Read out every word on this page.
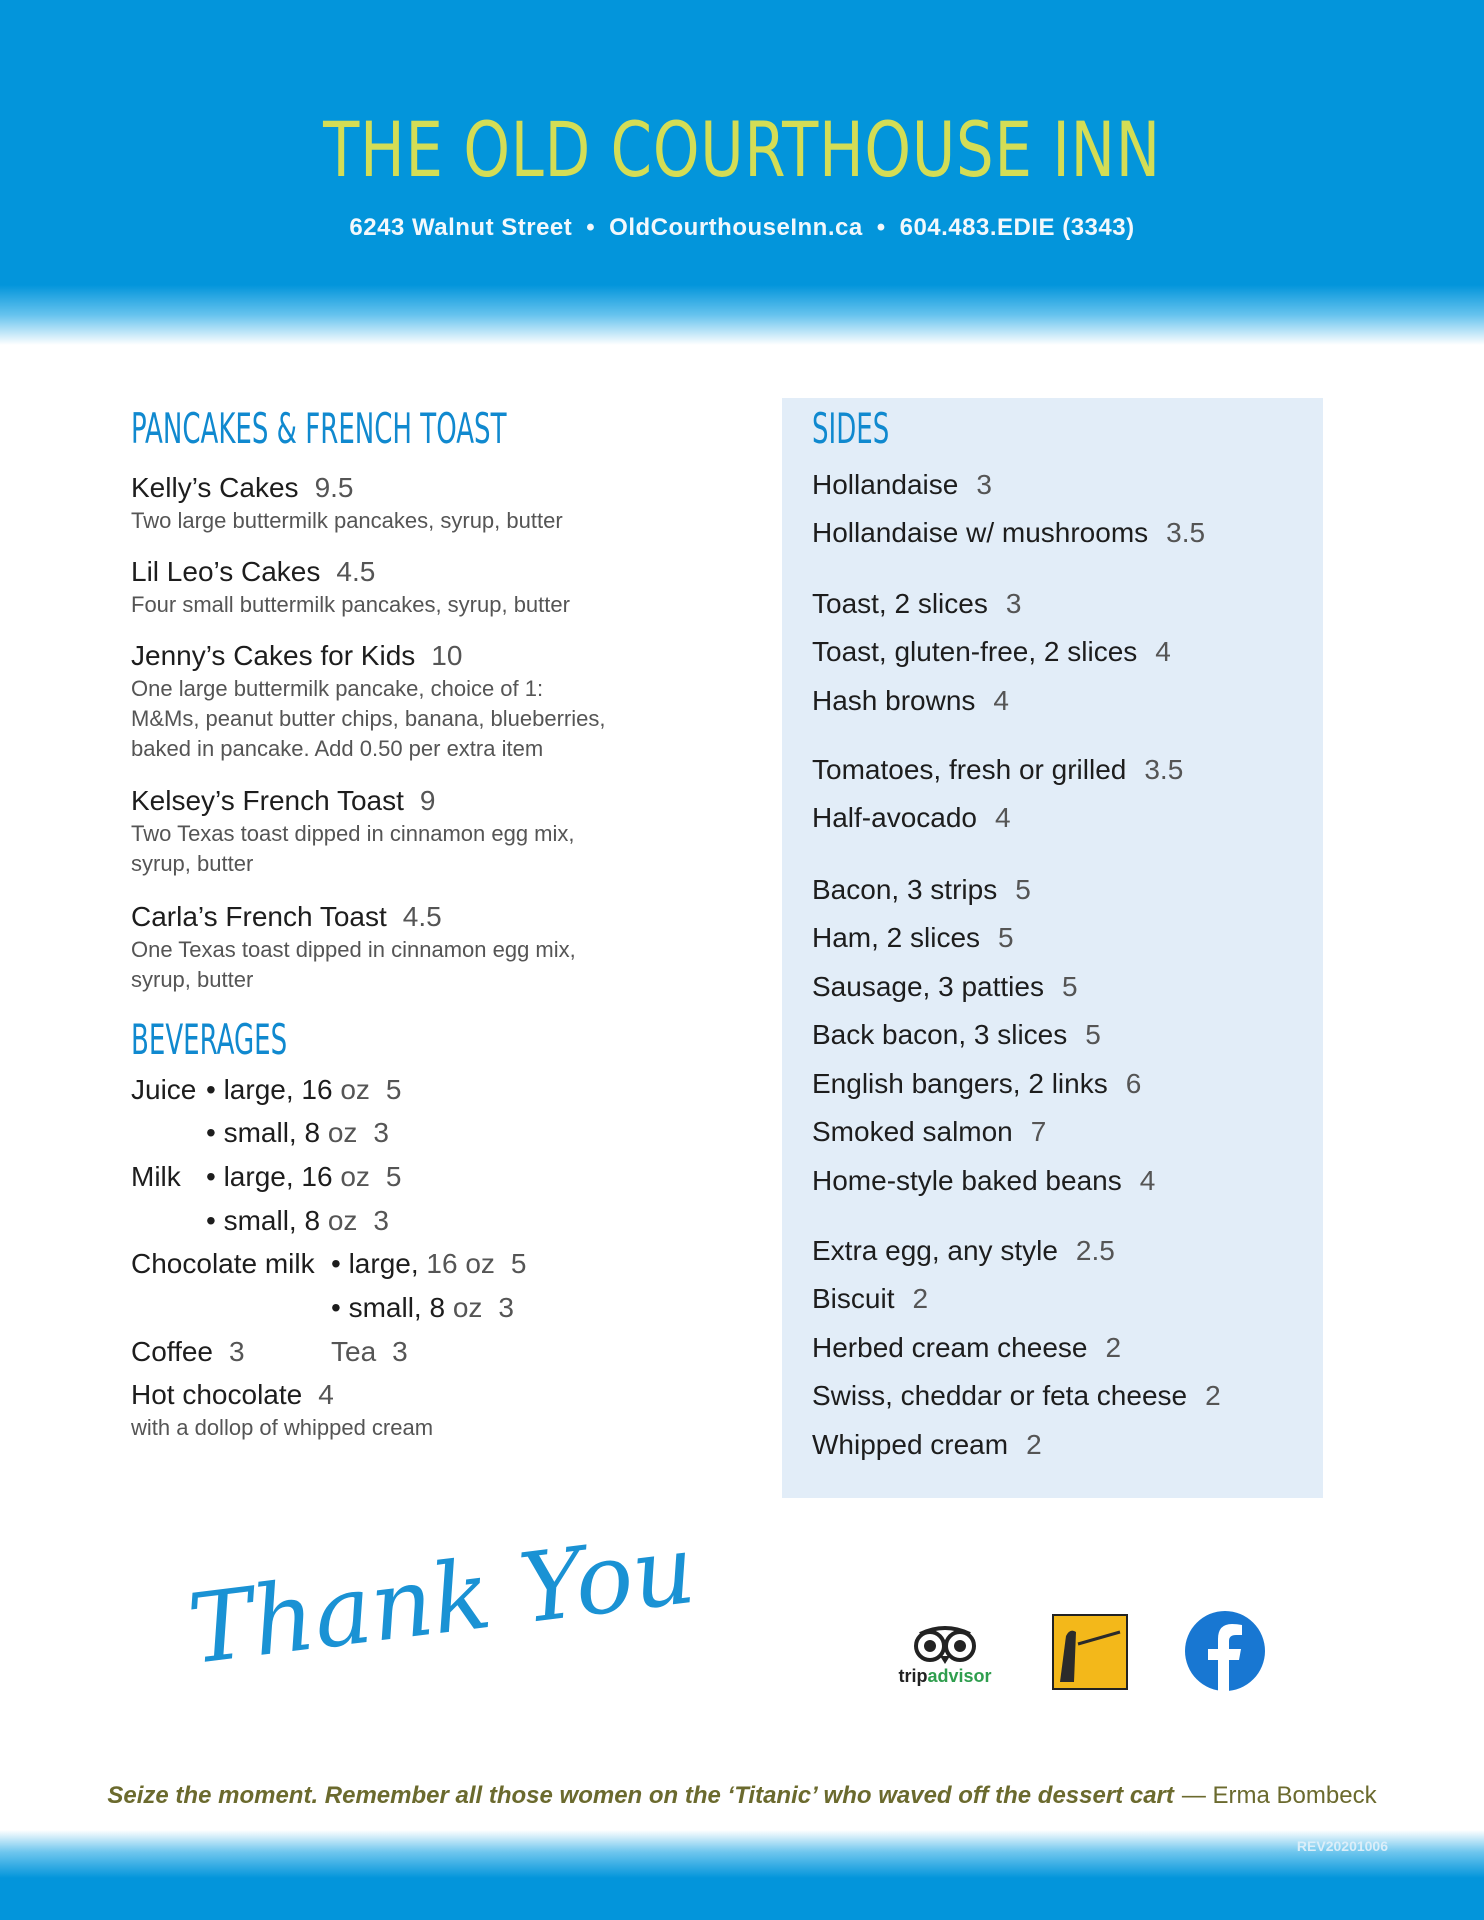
THE OLD COURTHOUSE INN
6243 Walnut Street • OldCourthouseInn.ca • 604.483.EDIE (3343)
PANCAKES & FRENCH TOAST
Kelly’s Cakes 9.5
Two large buttermilk pancakes, syrup, butter
Lil Leo’s Cakes 4.5
Four small buttermilk pancakes, syrup, butter
Jenny’s Cakes for Kids 10
One large buttermilk pancake, choice of 1:
M&Ms, peanut butter chips, banana, blueberries,
baked in pancake. Add 0.50 per extra item
Kelsey’s French Toast 9
Two Texas toast dipped in cinnamon egg mix,
syrup, butter
Carla’s French Toast 4.5
One Texas toast dipped in cinnamon egg mix,
syrup, butter
BEVERAGES
Juice • large, 16 oz 5
• small, 8 oz 3
Milk • large, 16 oz 5
• small, 8 oz 3
Chocolate milk • large, 16 oz 5
• small, 8 oz 3
Coffee 3	Tea 3
Hot chocolate 4
with a dollop of whipped cream
SIDES
Hollandaise 3
Hollandaise w/ mushrooms 3.5
Toast, 2 slices 3
Toast, gluten-free, 2 slices 4
Hash browns 4
Tomatoes, fresh or grilled 3.5
Half-avocado 4
Bacon, 3 strips 5
Ham, 2 slices 5
Sausage, 3 patties 5
Back bacon, 3 slices 5
English bangers, 2 links 6
Smoked salmon 7
Home-style baked beans 4
Extra egg, any style 2.5
Biscuit 2
Herbed cream cheese 2
Swiss, cheddar or feta cheese 2
Whipped cream 2
Thank You	tripadvisor
Seize the moment. Remember all those women on the ‘Titanic’ who waved off the dessert cart — Erma Bombeck
REV20201006
